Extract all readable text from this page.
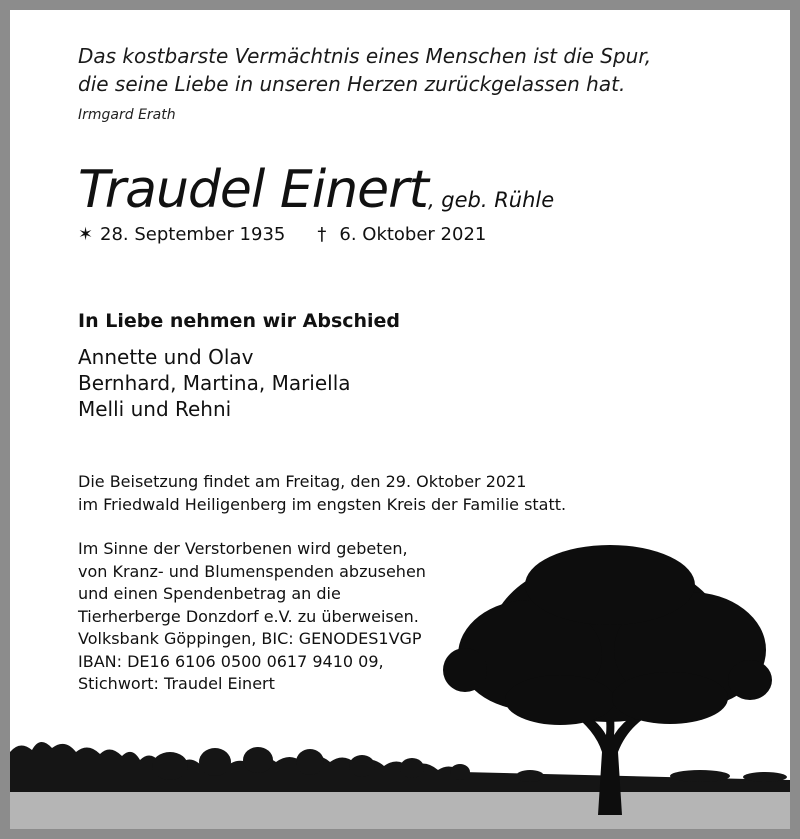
Das kostbarste Vermächtnis eines Menschen ist die Spur,
die seine Liebe in unseren Herzen zurückgelassen hat.
Irmgard Erath
Traudel Einert, geb. Rühle
✶ 28. September 1935 † 6. Oktober 2021
In Liebe nehmen wir Abschied
Annette und Olav
Bernhard, Martina, Mariella
Melli und Rehni
Die Beisetzung findet am Freitag, den 29. Oktober 2021
im Friedwald Heiligenberg im engsten Kreis der Familie statt.
Im Sinne der Verstorbenen wird gebeten,
von Kranz- und Blumenspenden abzusehen
und einen Spendenbetrag an die
Tierherberge Donzdorf e.V. zu überweisen.
Volksbank Göppingen, BIC: GENODES1VGP
IBAN: DE16 6106 0500 0617 9410 09,
Stichwort: Traudel Einert
